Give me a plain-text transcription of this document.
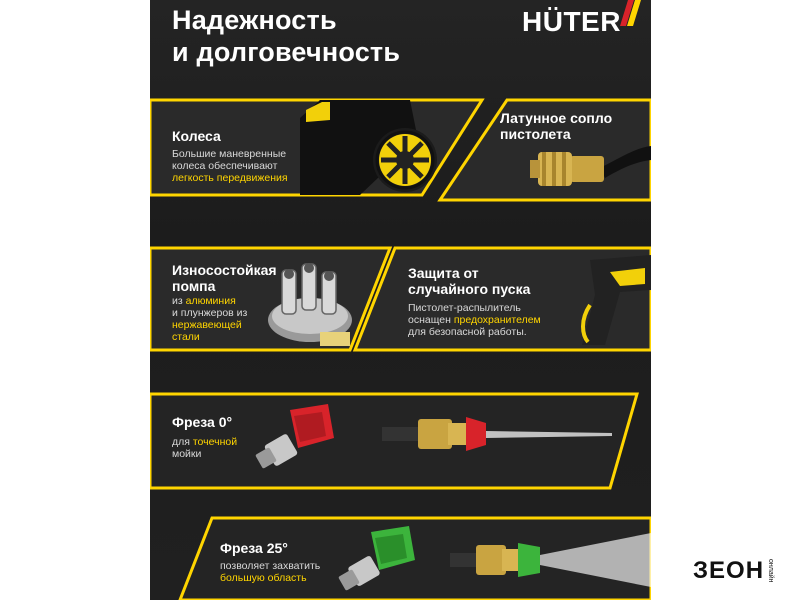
Надежность
и долговечность
HÜTER
Колеса
Большие маневренные
колеса обеспечивают
легкость передвижения
Латунное сопло
пистолета
Износостойкая
помпа
из алюминия
и плунжеров из
нержавеющей
стали
Защита от
случайного пуска
Пистолет-распылитель
оснащен предохранителем
для безопасной работы.
Фреза 0°
для точечной
мойки
Фреза 25°
позволяет захватить
большую область	ЗЕОН онлайн
